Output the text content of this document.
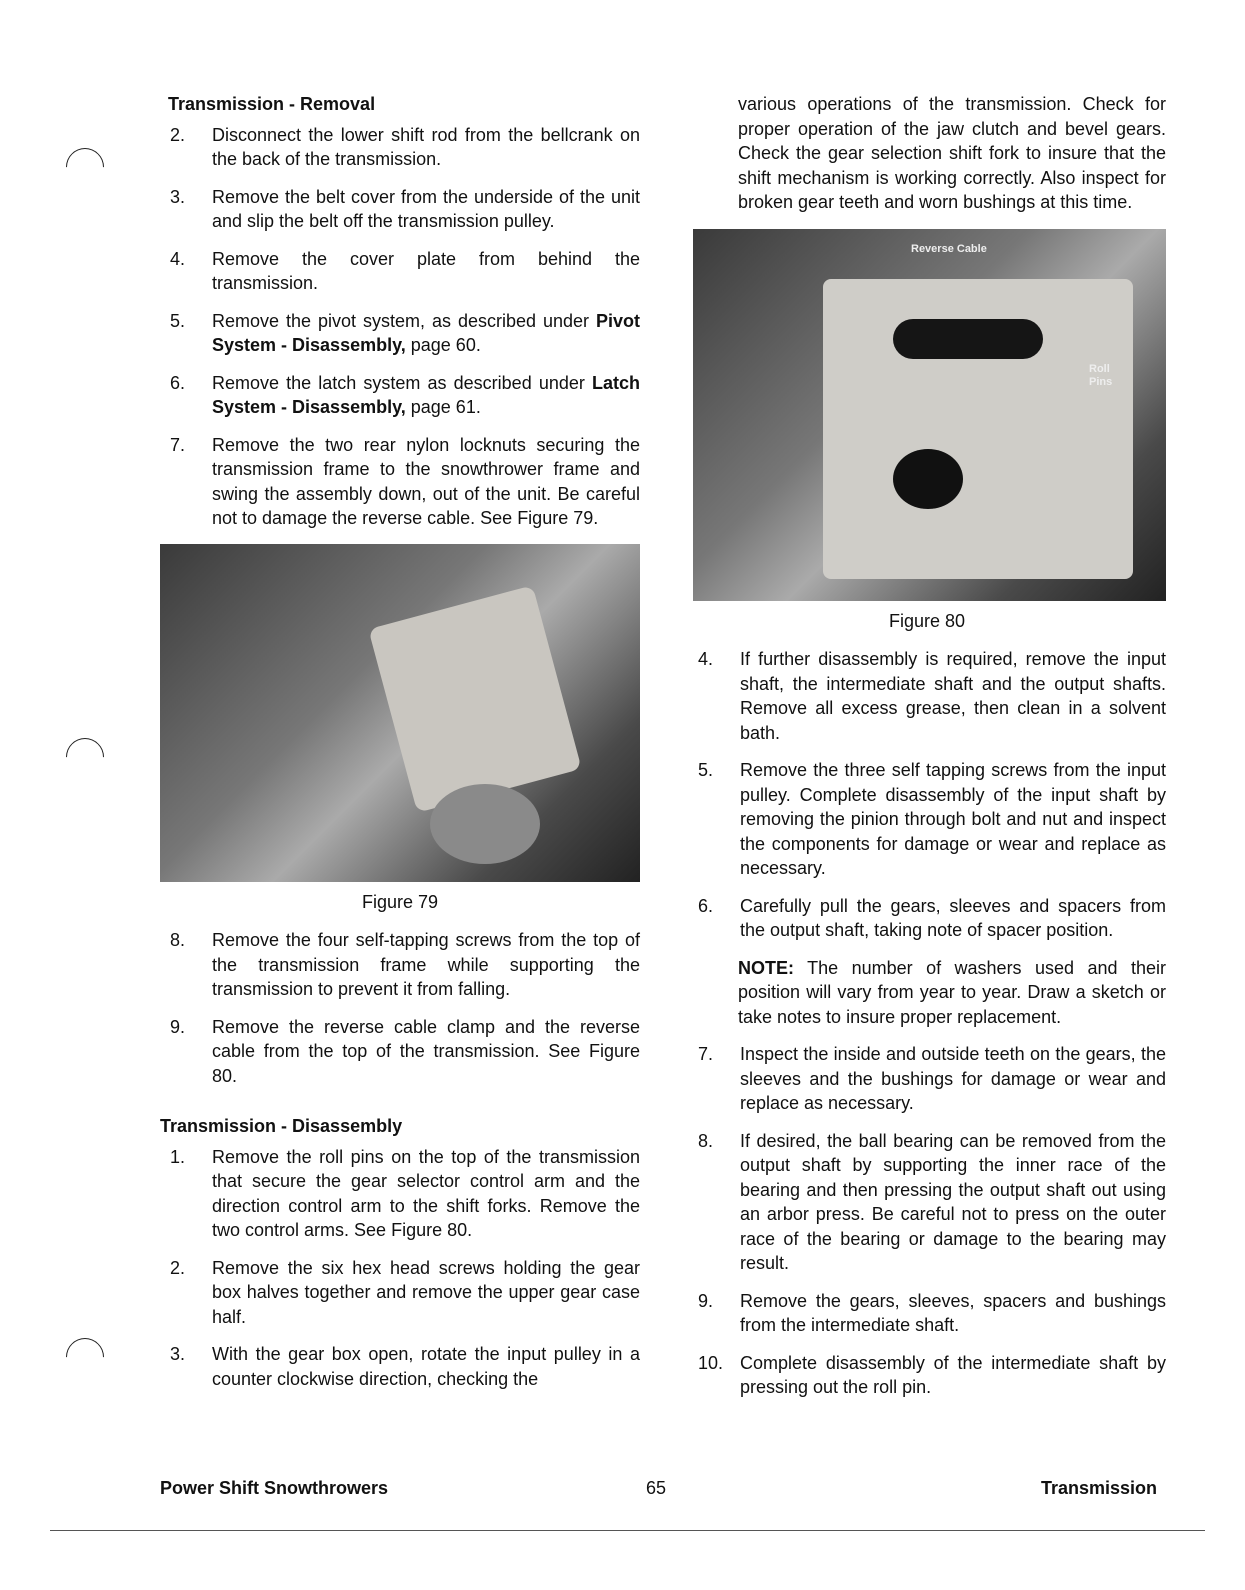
Transmission - Removal
2.	Disconnect the lower shift rod from the bellcrank on the back of the transmission.
3.	Remove the belt cover from the underside of the unit and slip the belt off the transmission pulley.
4.	Remove the cover plate from behind the transmission.
5.	Remove the pivot system, as described under Pivot System - Disassembly, page 60.
6.	Remove the latch system as described under Latch System - Disassembly, page 61.
7.	Remove the two rear nylon locknuts securing the transmission frame to the snowthrower frame and swing the assembly down, out of the unit. Be careful not to damage the reverse cable. See Figure 79.
Figure 79
8.	Remove the four self-tapping screws from the top of the transmission frame while supporting the transmission to prevent it from falling.
9.	Remove the reverse cable clamp and the reverse cable from the top of the transmission. See Figure 80.
Transmission - Disassembly
1.	Remove the roll pins on the top of the transmission that secure the gear selector control arm and the direction control arm to the shift forks. Remove the two control arms. See Figure 80.
2.	Remove the six hex head screws holding the gear box halves together and remove the upper gear case half.
3.	With the gear box open, rotate the input pulley in a counter clockwise direction, checking the
various operations of the transmission. Check for proper operation of the jaw clutch and bevel gears. Check the gear selection shift fork to insure that the shift mechanism is working correctly. Also inspect for broken gear teeth and worn bushings at this time.
Reverse Cable
Roll Pins
Figure 80
4.	If further disassembly is required, remove the input shaft, the intermediate shaft and the output shafts. Remove all excess grease, then clean in a solvent bath.
5.	Remove the three self tapping screws from the input pulley. Complete disassembly of the input shaft by removing the pinion through bolt and nut and inspect the components for damage or wear and replace as necessary.
6.	Carefully pull the gears, sleeves and spacers from the output shaft, taking note of spacer position.
NOTE: The number of washers used and their position will vary from year to year. Draw a sketch or take notes to insure proper replacement.
7.	Inspect the inside and outside teeth on the gears, the sleeves and the bushings for damage or wear and replace as necessary.
8.	If desired, the ball bearing can be removed from the output shaft by supporting the inner race of the bearing and then pressing the output shaft out using an arbor press. Be careful not to press on the outer race of the bearing or damage to the bearing may result.
9.	Remove the gears, sleeves, spacers and bushings from the intermediate shaft.
10. Complete disassembly of the intermediate shaft by pressing out the roll pin.
Power Shift Snowthrowers	65	Transmission
